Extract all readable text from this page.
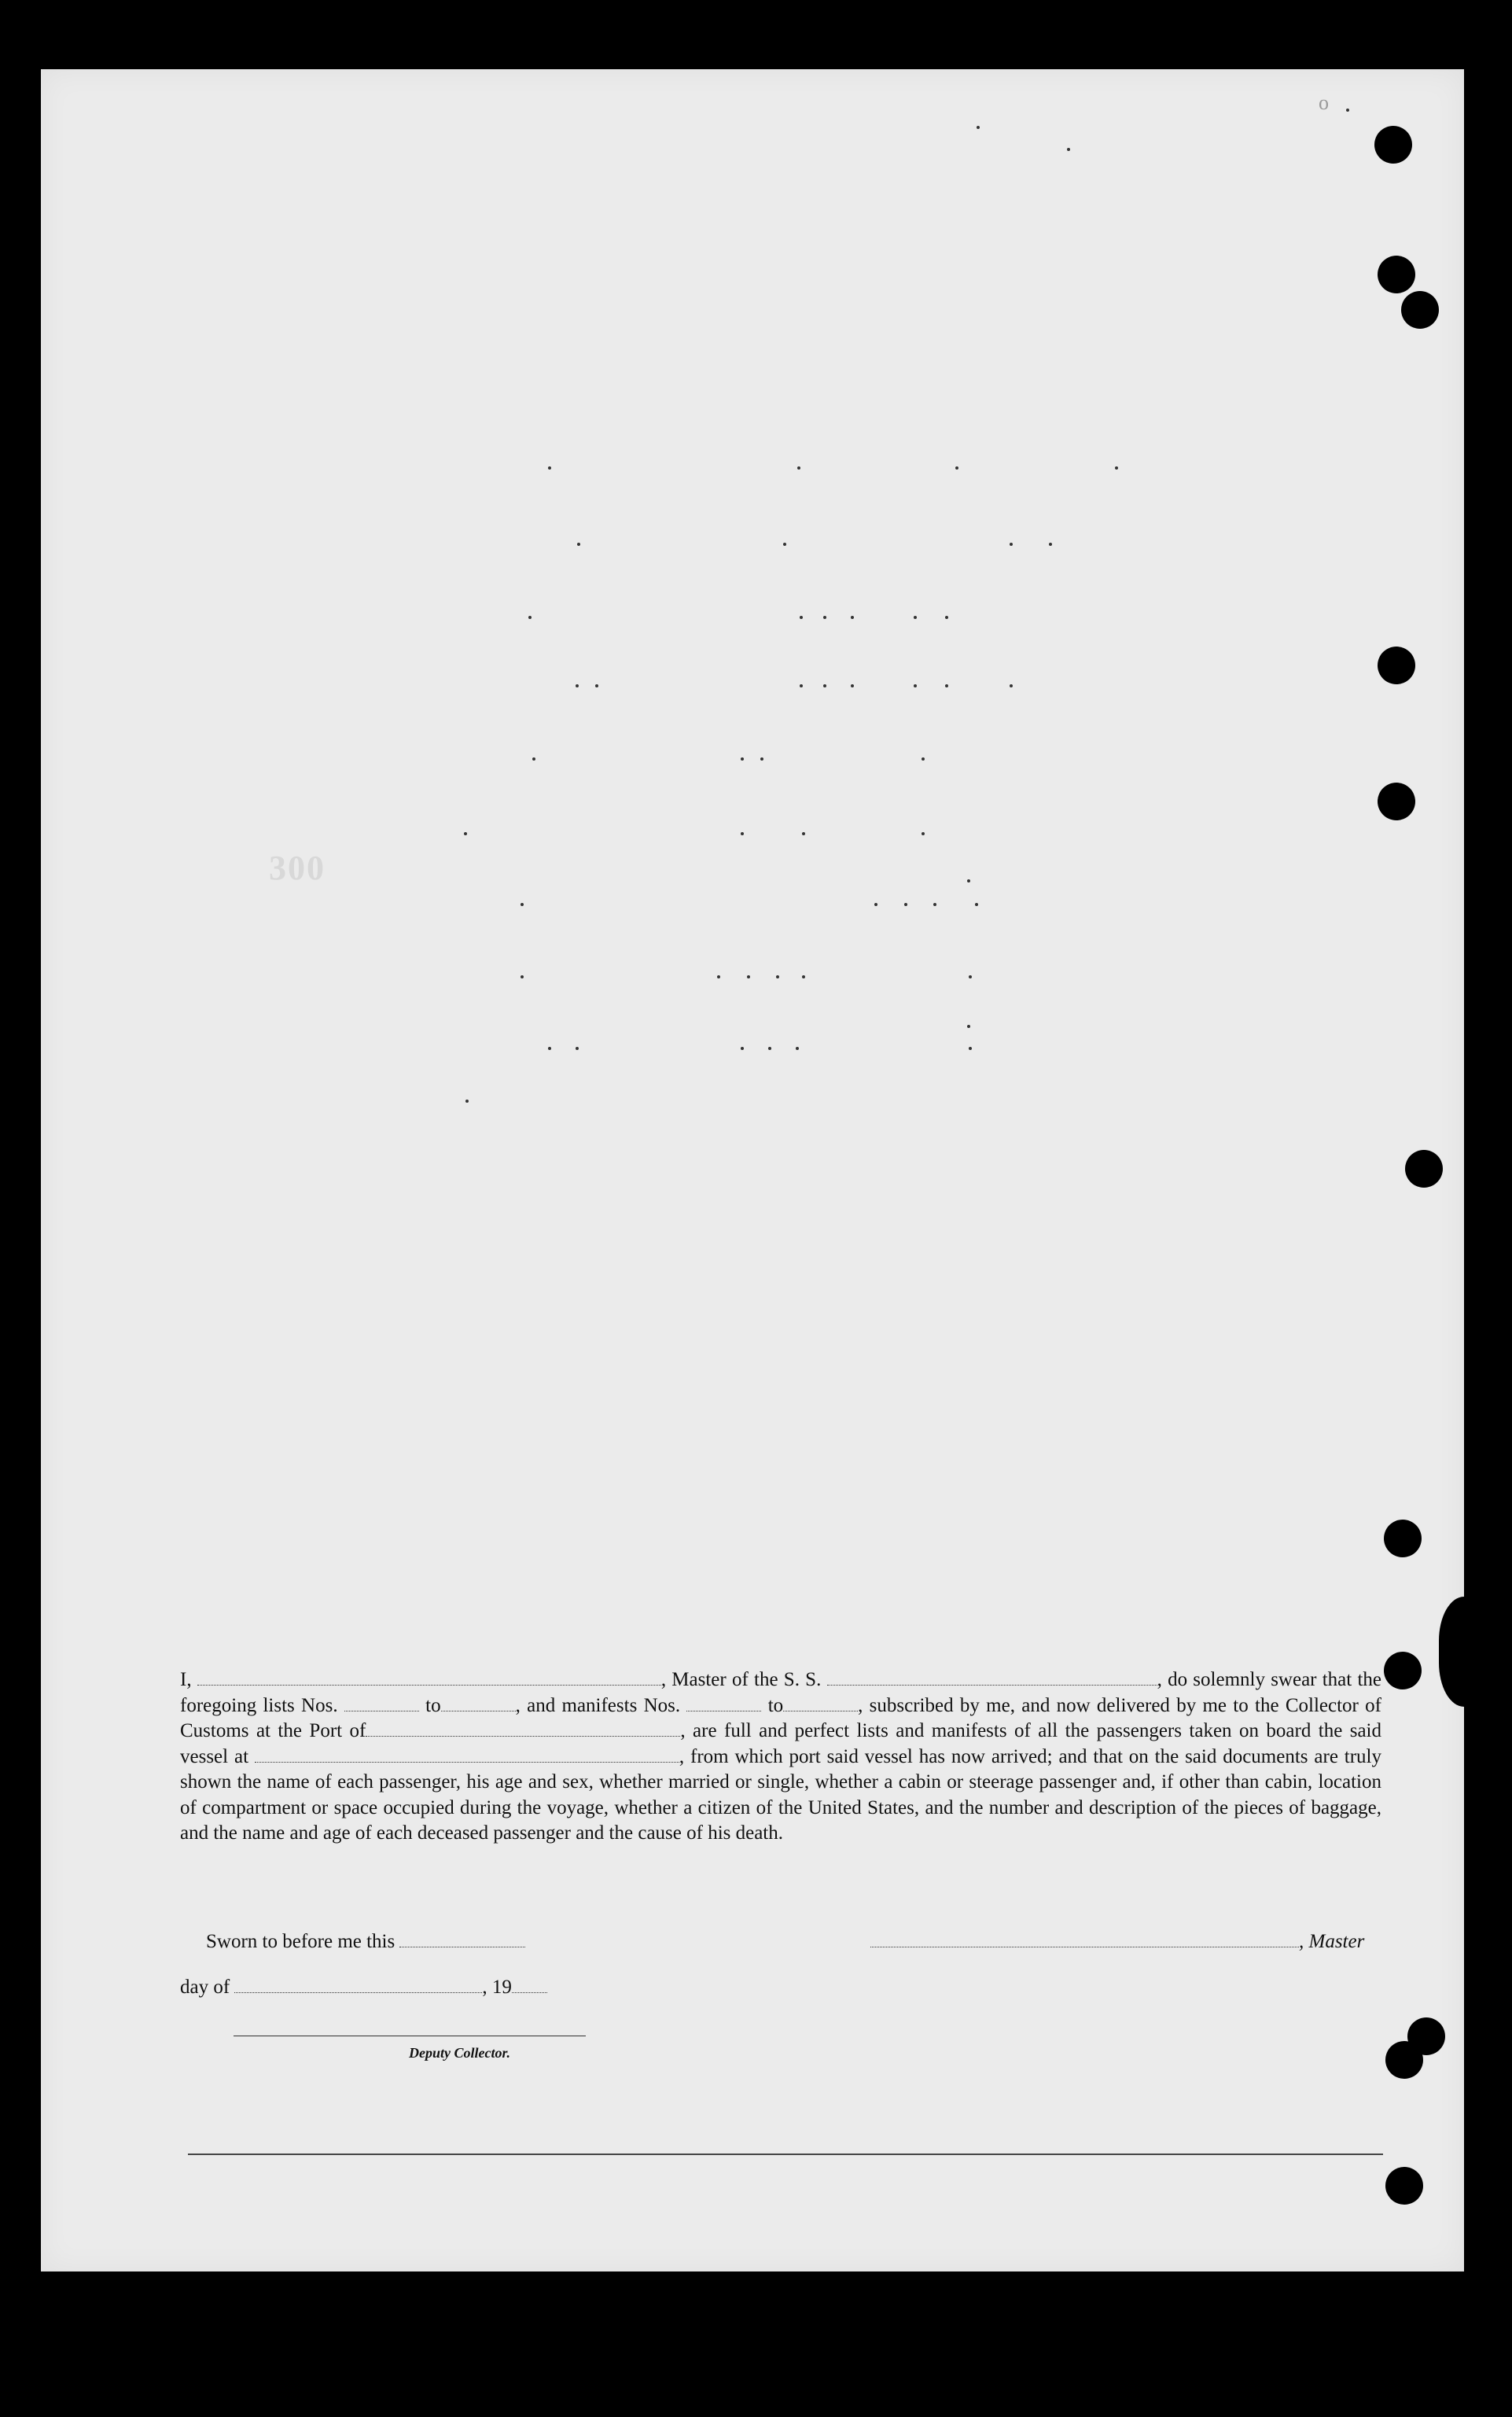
o
300
I,	, Master of the S. S.	, do solemnly swear that the foregoing lists Nos.	to	, and manifests Nos.	to	, subscribed by me, and now delivered by me to the Collector of Customs at the Port of	, are full and perfect lists and manifests of all the passengers taken on board the said vessel at	, from which port said vessel has now arrived; and that on the said documents are truly shown the name of each passenger, his age and sex, whether married or single, whether a cabin or steerage passenger and, if other than cabin, location of compartment or space occupied during the voyage, whether a citizen of the United States, and the number and description of the pieces of baggage, and the name and age of each deceased passenger and the cause of his death.
Sworn to before me this	, Master
day of	, 19
Deputy Collector.
